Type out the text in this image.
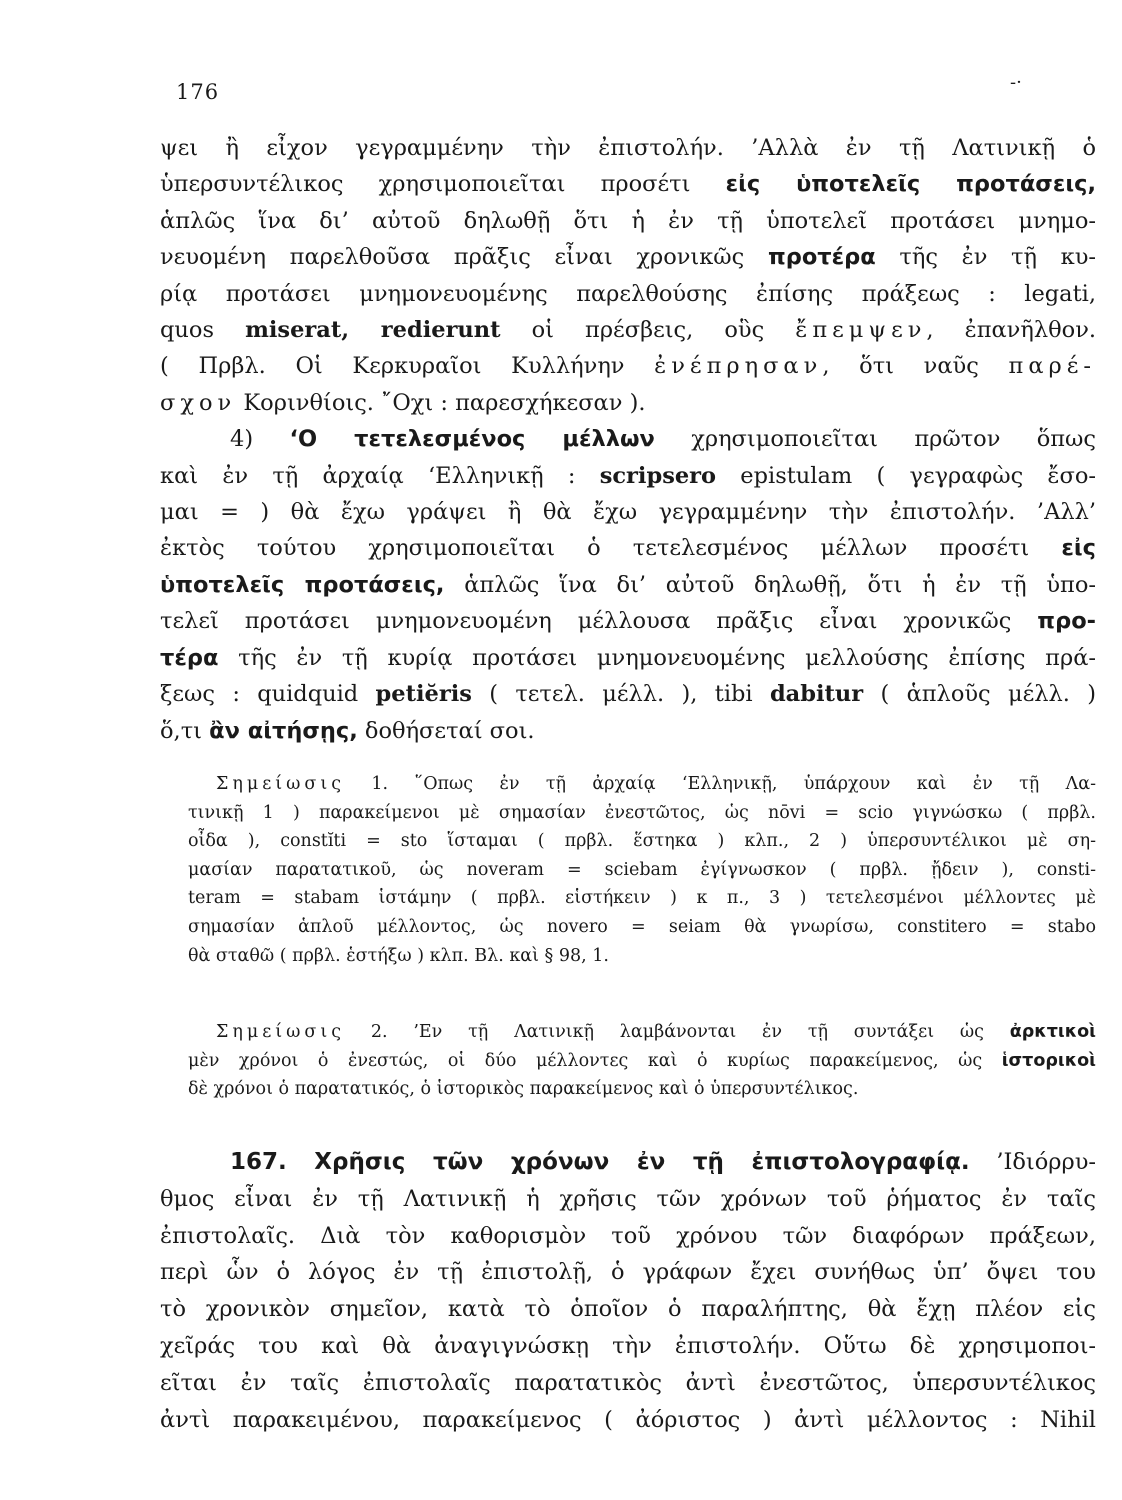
176	-·

ψει ἢ εἶχον γεγραμμένην τὴν ἐπιστολήν. ’Αλλὰ ἐν τῇ Λατινικῇ ὁ

ὑπερσυντέλικος χρησιμοποιεῖται προσέτι εἰς ὑποτελεῖς προτάσεις,

ἁπλῶς ἵνα δι’ αὐτοῦ δηλωθῇ ὅτι ἡ ἐν τῇ ὑποτελεῖ προτάσει μνημο-

νευομένη παρελθοῦσα πρᾶξις εἶναι χρονικῶς προτέρα τῆς ἐν τῇ κυ-

ρίᾳ προτάσει μνημονευομένης παρελθούσης ἐπίσης πράξεως : legati,

quos miserat, redierunt οἱ πρέσβεις, οὓς ἔπεμψεν, ἐπανῆλθον.

( Πρβλ. Οἱ Κερκυραῖοι Κυλλήνην ἐνέπρησαν, ὅτι ναῦς παρέ-

σχον Κορινθίοις. ῎Οχι : παρεσχήκεσαν ).

4) ‘Ο τετελεσμένος μέλλων χρησιμοποιεῖται πρῶτον ὅπως

καὶ ἐν τῇ ἀρχαίᾳ ‘Ελληνικῇ : scripsero epistulam ( γεγραφὼς ἔσο-

μαι = ) θὰ ἔχω γράψει ἢ θὰ ἔχω γεγραμμένην τὴν ἐπιστολήν. ’Αλλ’

ἐκτὸς τούτου χρησιμοποιεῖται ὁ τετελεσμένος μέλλων προσέτι εἰς

ὑποτελεῖς προτάσεις, ἁπλῶς ἵνα δι’ αὐτοῦ δηλωθῇ, ὅτι ἡ ἐν τῇ ὑπο-

τελεῖ προτάσει μνημονευομένη μέλλουσα πρᾶξις εἶναι χρονικῶς προ-

τέρα τῆς ἐν τῇ κυρίᾳ προτάσει μνημονευομένης μελλούσης ἐπίσης πρά-

ξεως : quidquid petiĕris ( τετελ. μέλλ. ), tibi dabitur ( ἁπλοῦς μέλλ. )

ὅ,τι ἂν αἰτήσῃς, δοθήσεταί σοι.

Σημείωσις 1. ῞Οπως ἐν τῇ ἀρχαίᾳ ‘Ελληνικῇ, ὑπάρχουν καὶ ἐν τῇ Λα-

τινικῇ 1 ) παρακείμενοι μὲ σημασίαν ἐνεστῶτος, ὡς nōvi = scio γιγνώσκω ( πρβλ.

οἶδα ), constĭti = sto ἵσταμαι ( πρβλ. ἕστηκα ) κλπ., 2 ) ὑπερσυντέλικοι μὲ ση-

μασίαν παρατατικοῦ, ὡς noveram = sciebam ἐγίγνωσκον ( πρβλ. ᾔδειν ), consti-

teram = stabam ἱστάμην ( πρβλ. εἱστήκειν ) κ π., 3 ) τετελεσμένοι μέλλοντες μὲ

σημασίαν ἁπλοῦ μέλλοντος, ὡς novero = seiam θὰ γνωρίσω, constitero = stabo

θὰ σταθῶ ( πρβλ. ἑστήξω ) κλπ. Βλ. καὶ § 98, 1.

Σημείωσις 2. ’Εν τῇ Λατινικῇ λαμβάνονται ἐν τῇ συντάξει ὡς ἀρκτικοὶ

μὲν χρόνοι ὁ ἐνεστώς, οἱ δύο μέλλοντες καὶ ὁ κυρίως παρακείμενος, ὡς ἱστορικοὶ

δὲ χρόνοι ὁ παρατατικός, ὁ ἱστορικὸς παρακείμενος καὶ ὁ ὑπερσυντέλικος.

167. Χρῆσις τῶν χρόνων ἐν τῇ ἐπιστολογραφίᾳ. ’Ιδιόρρυ-

θμος εἶναι ἐν τῇ Λατινικῇ ἡ χρῆσις τῶν χρόνων τοῦ ῥήματος ἐν ταῖς

ἐπιστολαῖς. Διὰ τὸν καθορισμὸν τοῦ χρόνου τῶν διαφόρων πράξεων,

περὶ ὧν ὁ λόγος ἐν τῇ ἐπιστολῇ, ὁ γράφων ἔχει συνήθως ὑπ’ ὄψει του

τὸ χρονικὸν σημεῖον, κατὰ τὸ ὁποῖον ὁ παραλήπτης, θὰ ἔχῃ πλέον εἰς

χεῖράς του καὶ θὰ ἀναγιγνώσκῃ τὴν ἐπιστολήν. Οὕτω δὲ χρησιμοποι-

εῖται ἐν ταῖς ἐπιστολαῖς παρατατικὸς ἀντὶ ἐνεστῶτος, ὑπερσυντέλικος

ἀντὶ παρακειμένου, παρακείμενος ( ἀόριστος ) ἀντὶ μέλλοντος : Nihil
